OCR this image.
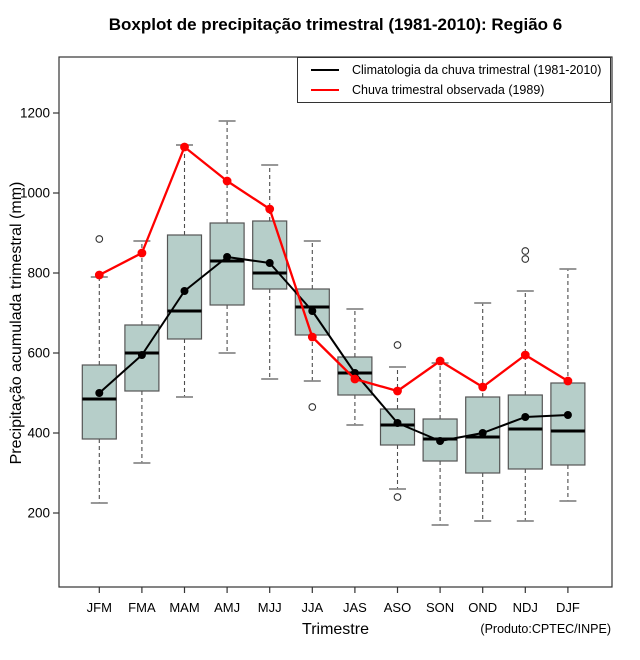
Boxplot de precipitação trimestral (1981-2010): Região 6
Precipitação acumulada trimestral (mm)
200
400
600
800
1000
1200
JFM FMA MAM AMJ MJJ JJA JAS ASO SON OND NDJ DJF
Climatologia da chuva trimestral (1981-2010)
Chuva trimestral observada (1989)
Trimestre	(Produto:CPTEC/INPE)
